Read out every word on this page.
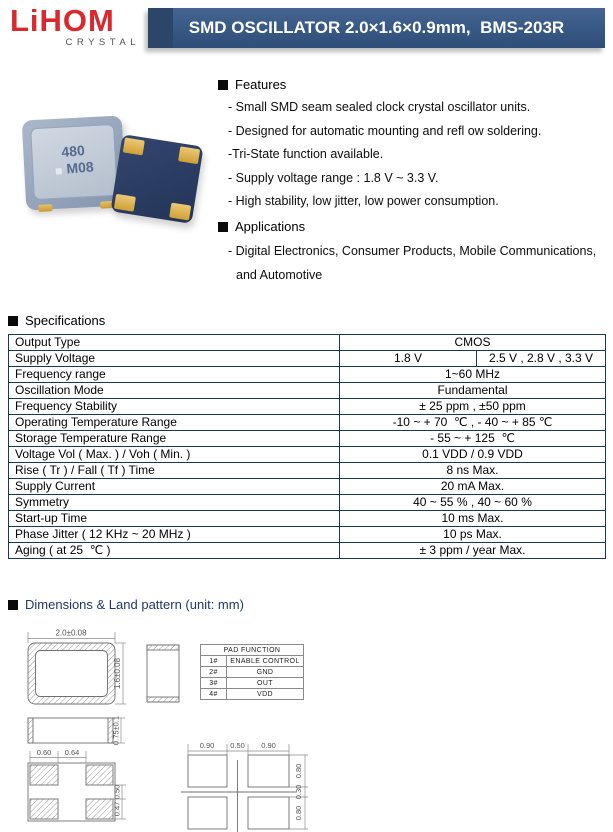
LiHOM
CRYSTAL
SMD OSCILLATOR 2.0×1.6×0.9mm,  BMS-203R
480
M08
Features
- Small SMD seam sealed clock crystal oscillator units.
- Designed for automatic mounting and refl ow soldering.
-Tri-State function available.
- Supply voltage range : 1.8 V ~ 3.3 V.
- High stability, low jitter, low power consumption.
Applications
- Digital Electronics, Consumer Products, Mobile Communications,
and Automotive
Specifications
Output Type	CMOS	
Supply Voltage	1.8 V	2.5 V , 2.8 V , 3.3 V
Frequency range	1~60 MHz	
Oscillation Mode	Fundamental	
Frequency Stability	± 25 ppm , ±50 ppm	
Operating Temperature Range	-10 ~ + 70  ℃ , - 40 ~ + 85 ℃	
Storage Temperature Range	- 55 ~ + 125  ℃	
Voltage Vol ( Max. ) / Voh ( Min. )	0.1 VDD / 0.9 VDD	
Rise ( Tr ) / Fall ( Tf ) Time	8 ns Max.	
Supply Current	20 mA Max.	
Symmetry	40 ~ 55 % , 40 ~ 60 %	
Start-up Time	10 ms Max.	
Phase Jitter ( 12 KHz ~ 20 MHz )	10 ps Max.	
Aging ( at 25  ℃ )	± 3 ppm / year Max.	
Dimensions & Land pattern (unit: mm)
2.0±0.08
1.6±0.08
0.75±0.1
0.60 0.64
0.50
0.47
0.90 0.50 0.90
0.80
0.30
0.80
PAD FUNCTION	
1#	ENABLE CONTROL
2#	GND
3#	OUT
4#	VDD
